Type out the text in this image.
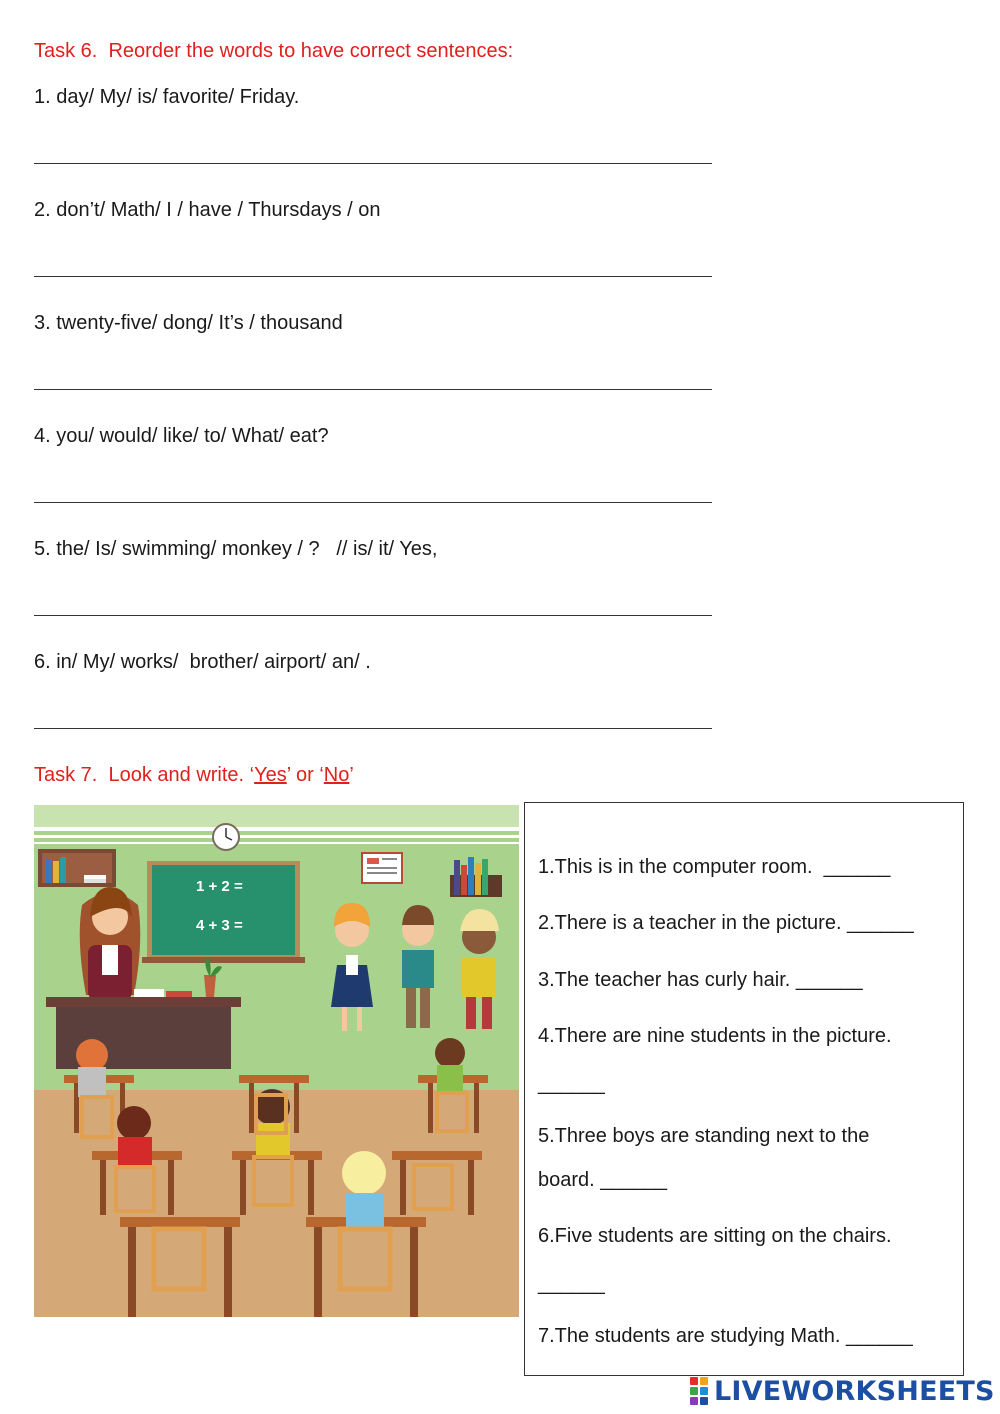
Task 6.  Reorder the words to have correct sentences:
1. day/ My/ is/ favorite/ Friday.
2. don’t/ Math/ I / have / Thursdays / on
3. twenty-five/ dong/ It’s / thousand
4. you/ would/ like/ to/ What/ eat?
5. the/ Is/ swimming/ monkey / ?   // is/ it/ Yes,
6. in/ My/ works/  brother/ airport/ an/ .
Task 7.  Look and write. ‘Yes’ or ‘No’
1 + 2 =
4 + 3 =
1.This is in the computer room.  ______
2.There is a teacher in the picture. ______
3.The teacher has curly hair. ______
4.There are nine students in the picture.
______
5.Three boys are standing next to the
board. ______
6.Five students are sitting on the chairs.
______
7.The students are studying Math. ______
LIVEWORKSHEETS
